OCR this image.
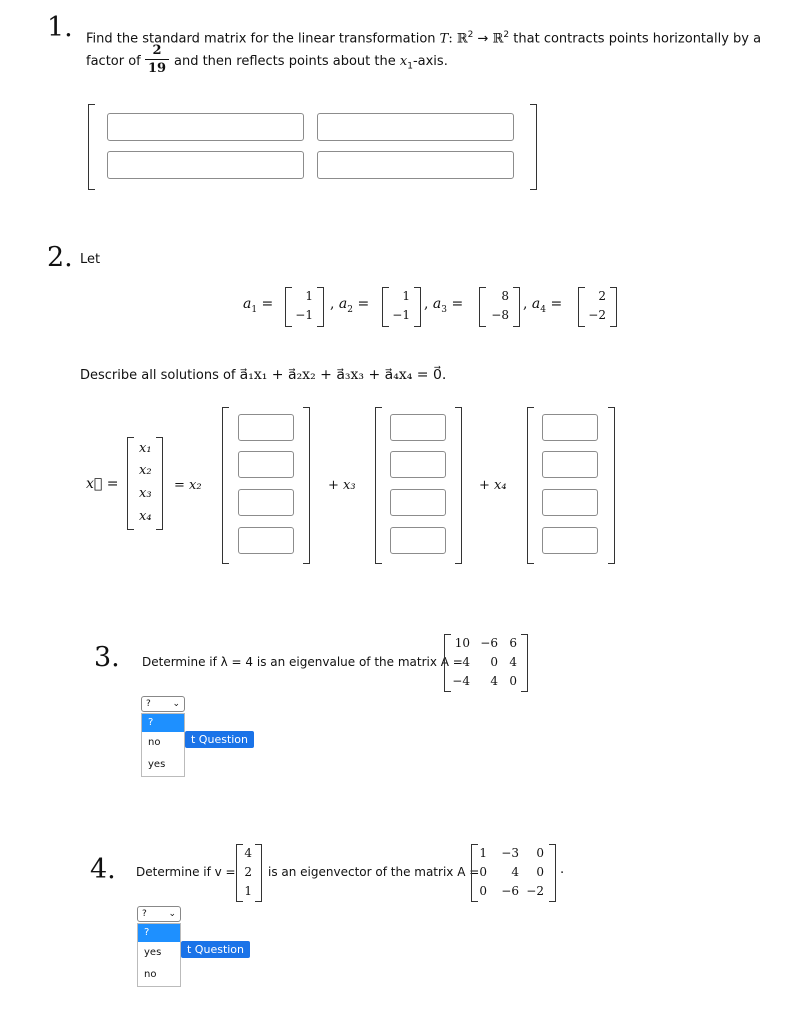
1. Find the standard matrix for the linear transformation T: ℝ$^2$ → ℝ$^2$ that contracts points horizontally by a
factor of
2
19 and then reflects points about the $x_1$-axis.
2. Let
$a_1$ =	1
−1
, $a_2$ =	1
−1
, $a_3$ =	8
−8
, $a_4$ =	2
−2
Describe all solutions of a⃗₁x₁ + a⃗₂x₂ + a⃗₃x₃ + a⃗₄x₄ = 0⃗.
x⃗ =
x₁
x₂
x₃
x₄
= x₂	+ x₃	+ x₄
3. Determine if λ = 4 is an eigenvalue of the matrix A =
10 −6 6
4	0 4
−4	4 0
? ⌄
?
no
yes
t Question
4. Determine if v =
4
2
1
is an eigenvector of the matrix A =
1	−3	0
0	4	0
0	−6 −2
.
? ⌄
?
yes
no
t Question
